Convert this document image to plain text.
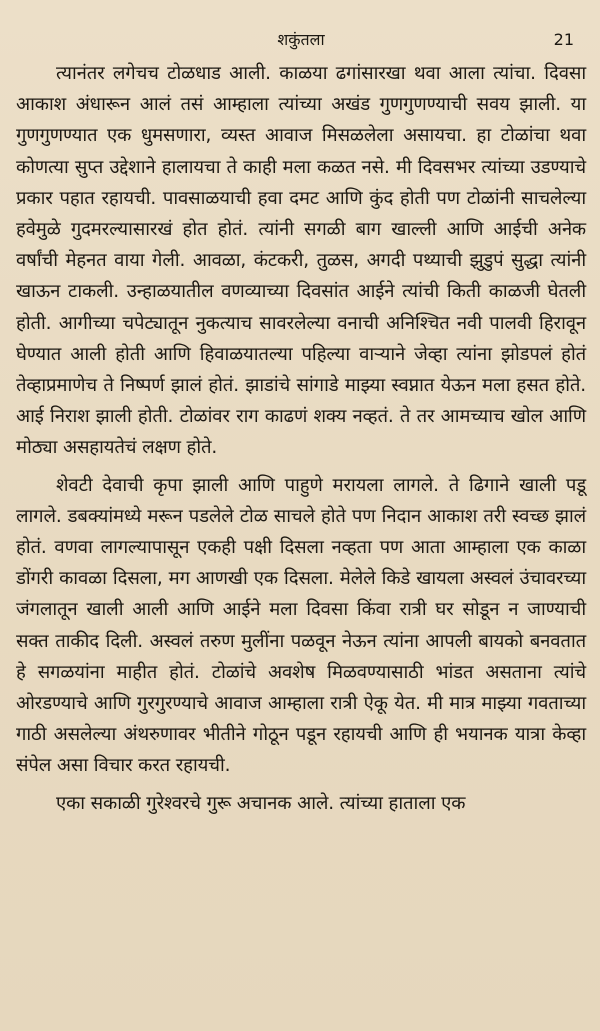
शकुंतला	21

त्यानंतर लगेचच टोळधाड आली. काळया ढगांसारखा थवा आला त्यांचा. दिवसा आकाश अंधारून आलं तसं आम्हाला त्यांच्या अखंड गुणगुणण्याची सवय झाली. या गुणगुणण्यात एक धुमसणारा, व्यस्त आवाज मिसळलेला असायचा. हा टोळांचा थवा कोणत्या सुप्त उद्देशाने हालायचा ते काही मला कळत नसे. मी दिवसभर त्यांच्या उडण्याचे प्रकार पहात रहायची. पावसाळयाची हवा दमट आणि कुंद होती पण टोळांनी साचलेल्या हवेमुळे गुदमरल्यासारखं होत होतं. त्यांनी सगळी बाग खाल्ली आणि आईची अनेक वर्षांची मेहनत वाया गेली. आवळा, कंटकरी, तुळस, अगदी पथ्याची झुडुपं सुद्धा त्यांनी खाऊन टाकली. उन्हाळयातील वणव्याच्या दिवसांत आईने त्यांची किती काळजी घेतली होती. आगीच्या चपेट्यातून नुकत्याच सावरलेल्या वनाची अनिश्चित नवी पालवी हिरावून घेण्यात आली होती आणि हिवाळयातल्या पहिल्या वाऱ्याने जेव्हा त्यांना झोडपलं होतं तेव्हाप्रमाणेच ते निष्पर्ण झालं होतं. झाडांचे सांगाडे माझ्या स्वप्नात येऊन मला हसत होते. आई निराश झाली होती. टोळांवर राग काढणं शक्य नव्हतं. ते तर आमच्याच खोल आणि मोठ्या असहायतेचं लक्षण होते.

शेवटी देवाची कृपा झाली आणि पाहुणे मरायला लागले. ते ढिगाने खाली पडू लागले. डबक्यांमध्ये मरून पडलेले टोळ साचले होते पण निदान आकाश तरी स्वच्छ झालं होतं. वणवा लागल्यापासून एकही पक्षी दिसला नव्हता पण आता आम्हाला एक काळा डोंगरी कावळा दिसला, मग आणखी एक दिसला. मेलेले किडे खायला अस्वलं उंचावरच्या जंगलातून खाली आली आणि आईने मला दिवसा किंवा रात्री घर सोडून न जाण्याची सक्त ताकीद दिली. अस्वलं तरुण मुलींना पळवून नेऊन त्यांना आपली बायको बनवतात हे सगळयांना माहीत होतं. टोळांचे अवशेष मिळवण्यासाठी भांडत असताना त्यांचे ओरडण्याचे आणि गुरगुरण्याचे आवाज आम्हाला रात्री ऐकू येत. मी मात्र माझ्या गवताच्या गाठी असलेल्या अंथरुणावर भीतीने गोठून पडून रहायची आणि ही भयानक यात्रा केव्हा संपेल असा विचार करत रहायची.

एका सकाळी गुरेश्वरचे गुरू अचानक आले. त्यांच्या हाताला एक
